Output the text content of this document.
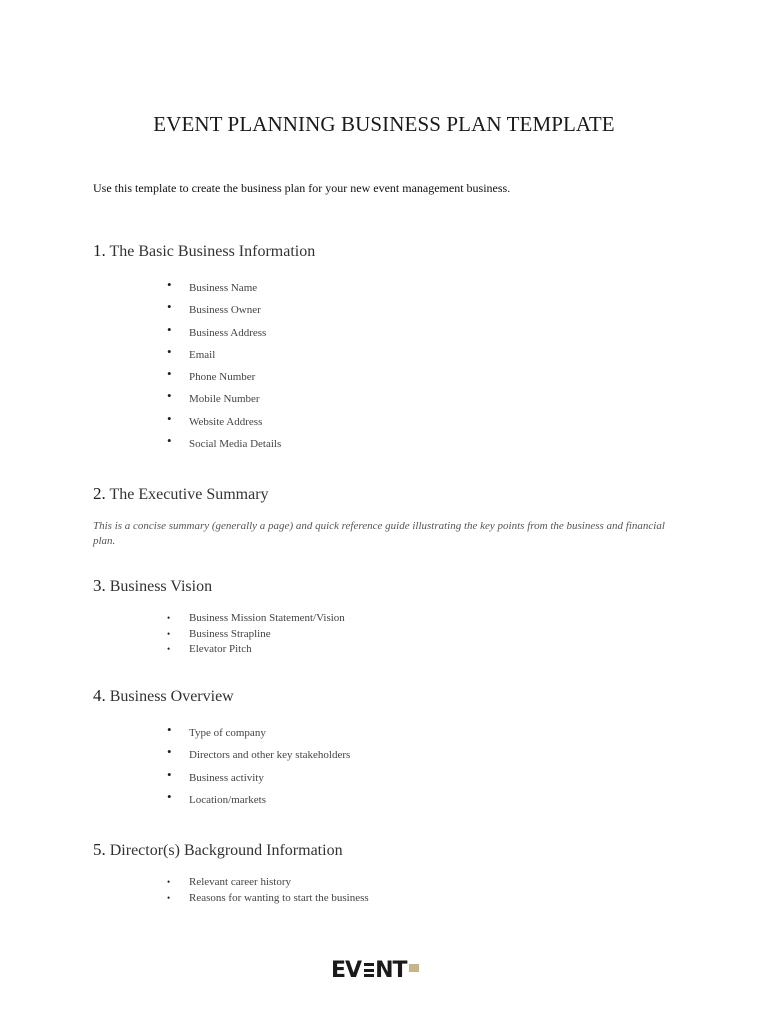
EVENT PLANNING BUSINESS PLAN TEMPLATE

Use this template to create the business plan for your new event management business.

1. The Basic Business Information
• Business Name
• Business Owner
• Business Address
• Email
• Phone Number
• Mobile Number
• Website Address
• Social Media Details
2. The Executive Summary

This is a concise summary (generally a page) and quick reference guide illustrating the key points from the business and financial plan.

3. Business Vision
• Business Mission Statement/Vision
• Business Strapline
• Elevator Pitch
4. Business Overview
• Type of company
• Directors and other key stakeholders
• Business activity
• Location/markets
5. Director(s) Background Information
• Relevant career history
• Reasons for wanting to start the business
EV NT
